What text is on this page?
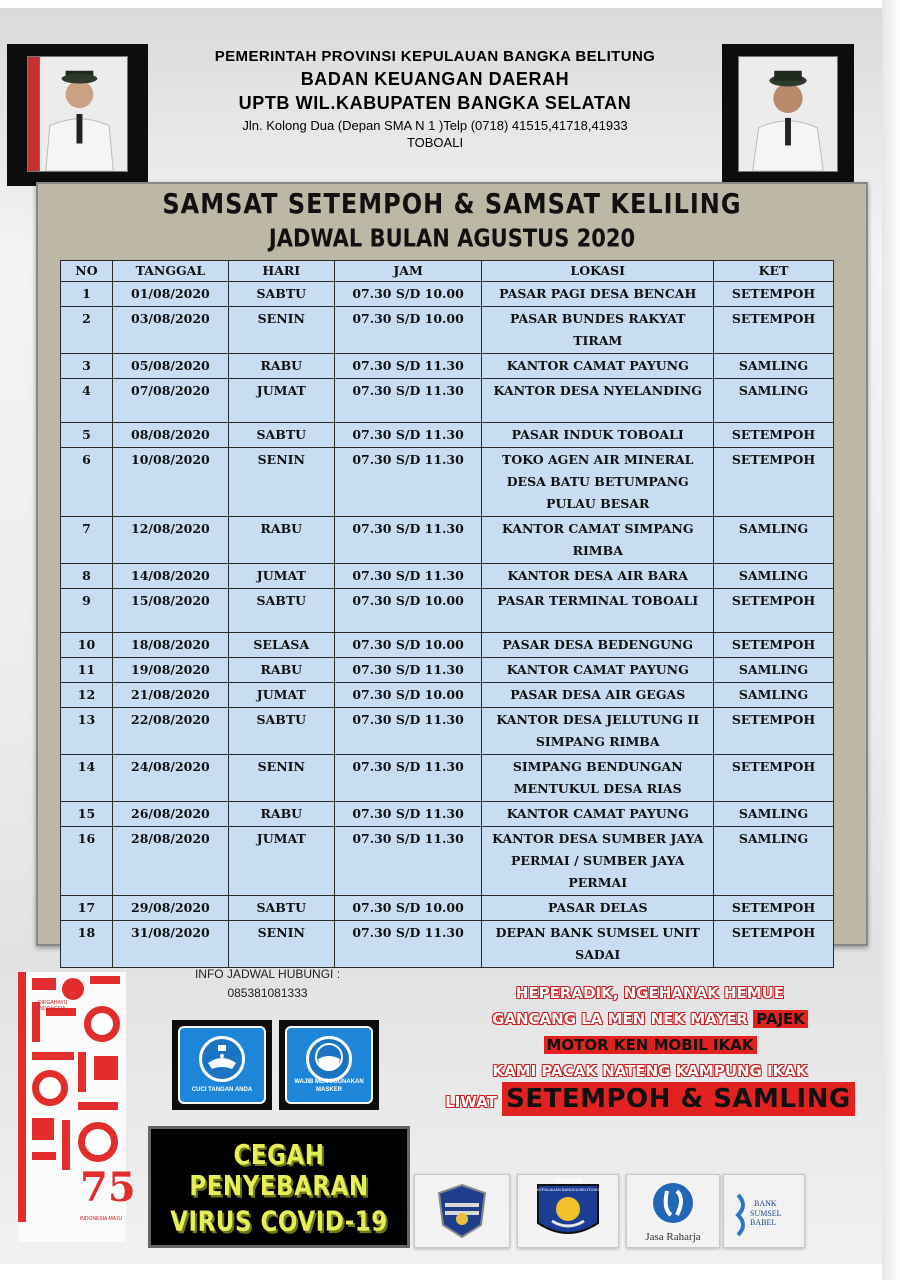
PEMERINTAH PROVINSI KEPULAUAN BANGKA BELITUNG
BADAN KEUANGAN DAERAH
UPTB WIL.KABUPATEN BANGKA SELATAN
Jln. Kolong Dua (Depan SMA N 1 )Telp (0718) 41515,41718,41933
TOBOALI
SAMSAT SETEMPOH & SAMSAT KELILING
JADWAL BULAN AGUSTUS 2020
NO	TANGGAL	HARI	JAM	LOKASI	KET
1	01/08/2020	SABTU	07.30 S/D 10.00	PASAR PAGI DESA BENCAH	SETEMPOH
2	03/08/2020	SENIN	07.30 S/D 10.00	PASAR BUNDES RAKYAT TIRAM	SETEMPOH
3	05/08/2020	RABU	07.30 S/D 11.30	KANTOR CAMAT PAYUNG	SAMLING
4	07/08/2020	JUMAT	07.30 S/D 11.30	KANTOR DESA NYELANDING	SAMLING
5	08/08/2020	SABTU	07.30 S/D 11.30	PASAR INDUK TOBOALI	SETEMPOH
6	10/08/2020	SENIN	07.30 S/D 11.30	TOKO AGEN AIR MINERAL DESA BATU BETUMPANG PULAU BESAR	SETEMPOH
7	12/08/2020	RABU	07.30 S/D 11.30	KANTOR CAMAT SIMPANG RIMBA	SAMLING
8	14/08/2020	JUMAT	07.30 S/D 11.30	KANTOR DESA AIR BARA	SAMLING
9	15/08/2020	SABTU	07.30 S/D 10.00	PASAR TERMINAL TOBOALI	SETEMPOH
10	18/08/2020	SELASA	07.30 S/D 10.00	PASAR DESA BEDENGUNG	SETEMPOH
11	19/08/2020	RABU	07.30 S/D 11.30	KANTOR CAMAT PAYUNG	SAMLING
12	21/08/2020	JUMAT	07.30 S/D 10.00	PASAR DESA AIR GEGAS	SAMLING
13	22/08/2020	SABTU	07.30 S/D 11.30	KANTOR DESA JELUTUNG II SIMPANG RIMBA	SETEMPOH
14	24/08/2020	SENIN	07.30 S/D 11.30	SIMPANG BENDUNGAN MENTUKUL DESA RIAS	SETEMPOH
15	26/08/2020	RABU	07.30 S/D 11.30	KANTOR CAMAT PAYUNG	SAMLING
16	28/08/2020	JUMAT	07.30 S/D 11.30	KANTOR DESA SUMBER JAYA PERMAI / SUMBER JAYA PERMAI	SAMLING
17	29/08/2020	SABTU	07.30 S/D 10.00	PASAR DELAS	SETEMPOH
18	31/08/2020	SENIN	07.30 S/D 11.30	DEPAN BANK SUMSEL UNIT SADAI	SETEMPOH
DIRGAHAYU INDONESIA
75
INDONESIA MAJU
INFO JADWAL HUBUNGI :
085381081333
CUCI TANGAN ANDA
WAJIB MENGGUNAKAN MASKER
CEGAH PENYEBARAN
VIRUS COVID-19
HEPERADIK, NGEHANAK HEMUE
GANCANG LA MEN NEK MAYER PAJEK
MOTOR KEN MOBIL IKAK
KAMI PACAK NATENG KAMPUNG IKAK
LIWAT SETEMPOH & SAMLING
PROVINSI
KEPULAUAN BANGKA BELITUNG
Jasa Raharja
BANK
SUMSEL BABEL
